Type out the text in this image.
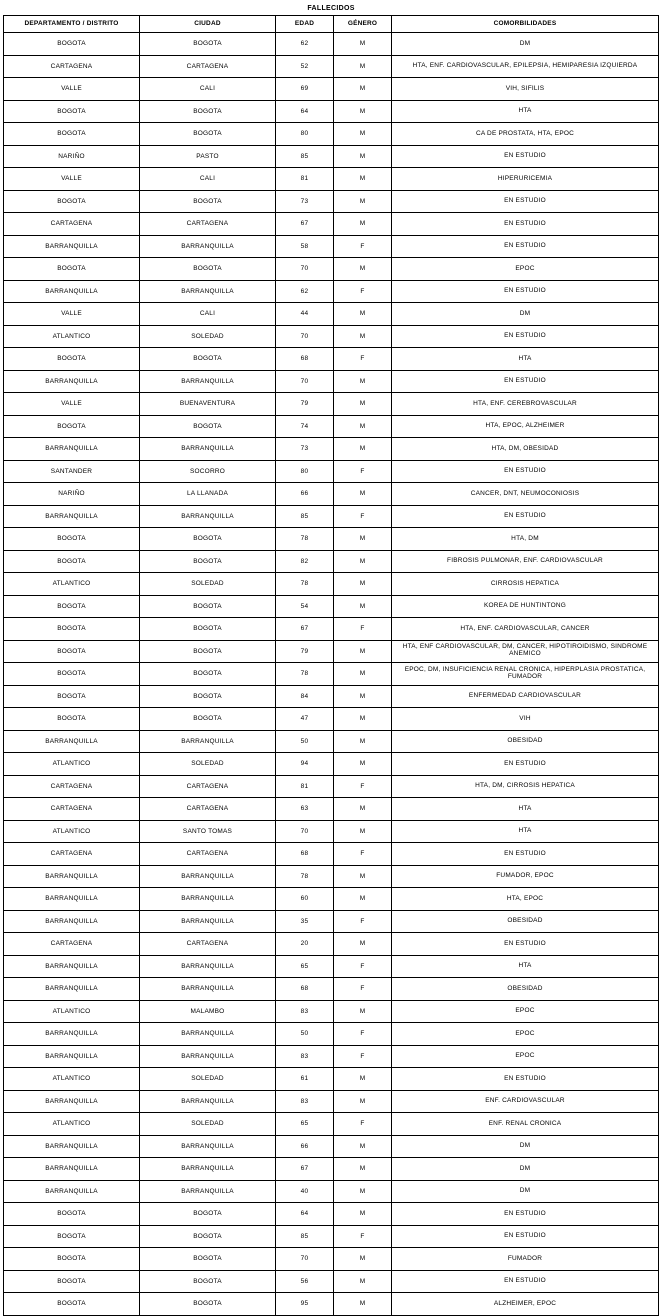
FALLECIDOS
DEPARTAMENTO / DISTRITO	CIUDAD	EDAD	GÉNERO	COMORBILIDADES
BOGOTA	BOGOTA	62	M	DM
CARTAGENA	CARTAGENA	52	M	HTA, ENF. CARDIOVASCULAR, EPILEPSIA, HEMIPARESIA IZQUIERDA
VALLE	CALI	69	M	VIH, SIFILIS
BOGOTA	BOGOTA	64	M	HTA
BOGOTA	BOGOTA	80	M	CA DE PROSTATA, HTA, EPOC
NARIÑO	PASTO	85	M	EN ESTUDIO
VALLE	CALI	81	M	HIPERURICEMIA
BOGOTA	BOGOTA	73	M	EN ESTUDIO
CARTAGENA	CARTAGENA	67	M	EN ESTUDIO
BARRANQUILLA	BARRANQUILLA	58	F	EN ESTUDIO
BOGOTA	BOGOTA	70	M	EPOC
BARRANQUILLA	BARRANQUILLA	62	F	EN ESTUDIO
VALLE	CALI	44	M	DM
ATLANTICO	SOLEDAD	70	M	EN ESTUDIO
BOGOTA	BOGOTA	68	F	HTA
BARRANQUILLA	BARRANQUILLA	70	M	EN ESTUDIO
VALLE	BUENAVENTURA	79	M	HTA, ENF. CEREBROVASCULAR
BOGOTA	BOGOTA	74	M	HTA, EPOC, ALZHEIMER
BARRANQUILLA	BARRANQUILLA	73	M	HTA, DM, OBESIDAD
SANTANDER	SOCORRO	80	F	EN ESTUDIO
NARIÑO	LA LLANADA	66	M	CANCER, DNT, NEUMOCONIOSIS
BARRANQUILLA	BARRANQUILLA	85	F	EN ESTUDIO
BOGOTA	BOGOTA	78	M	HTA, DM
BOGOTA	BOGOTA	82	M	FIBROSIS PULMONAR, ENF. CARDIOVASCULAR
ATLANTICO	SOLEDAD	78	M	CIRROSIS HEPATICA
BOGOTA	BOGOTA	54	M	KOREA DE HUNTINTONG
BOGOTA	BOGOTA	67	F	HTA, ENF. CARDIOVASCULAR, CANCER
BOGOTA	BOGOTA	79	M	HTA, ENF CARDIOVASCULAR, DM, CANCER, HIPOTIROIDISMO, SINDROME ANEMICO
BOGOTA	BOGOTA	78	M	EPOC, DM, INSUFICIENCIA RENAL CRONICA, HIPERPLASIA PROSTATICA, FUMADOR
BOGOTA	BOGOTA	84	M	ENFERMEDAD CARDIOVASCULAR
BOGOTA	BOGOTA	47	M	VIH
BARRANQUILLA	BARRANQUILLA	50	M	OBESIDAD
ATLANTICO	SOLEDAD	94	M	EN ESTUDIO
CARTAGENA	CARTAGENA	81	F	HTA, DM, CIRROSIS HEPATICA
CARTAGENA	CARTAGENA	63	M	HTA
ATLANTICO	SANTO TOMAS	70	M	HTA
CARTAGENA	CARTAGENA	68	F	EN ESTUDIO
BARRANQUILLA	BARRANQUILLA	78	M	FUMADOR, EPOC
BARRANQUILLA	BARRANQUILLA	60	M	HTA, EPOC
BARRANQUILLA	BARRANQUILLA	35	F	OBESIDAD
CARTAGENA	CARTAGENA	20	M	EN ESTUDIO
BARRANQUILLA	BARRANQUILLA	65	F	HTA
BARRANQUILLA	BARRANQUILLA	68	F	OBESIDAD
ATLANTICO	MALAMBO	83	M	EPOC
BARRANQUILLA	BARRANQUILLA	50	F	EPOC
BARRANQUILLA	BARRANQUILLA	83	F	EPOC
ATLANTICO	SOLEDAD	61	M	EN ESTUDIO
BARRANQUILLA	BARRANQUILLA	83	M	ENF. CARDIOVASCULAR
ATLANTICO	SOLEDAD	65	F	ENF. RENAL CRONICA
BARRANQUILLA	BARRANQUILLA	66	M	DM
BARRANQUILLA	BARRANQUILLA	67	M	DM
BARRANQUILLA	BARRANQUILLA	40	M	DM
BOGOTA	BOGOTA	64	M	EN ESTUDIO
BOGOTA	BOGOTA	85	F	EN ESTUDIO
BOGOTA	BOGOTA	70	M	FUMADOR
BOGOTA	BOGOTA	56	M	EN ESTUDIO
BOGOTA	BOGOTA	95	M	ALZHEIMER, EPOC
